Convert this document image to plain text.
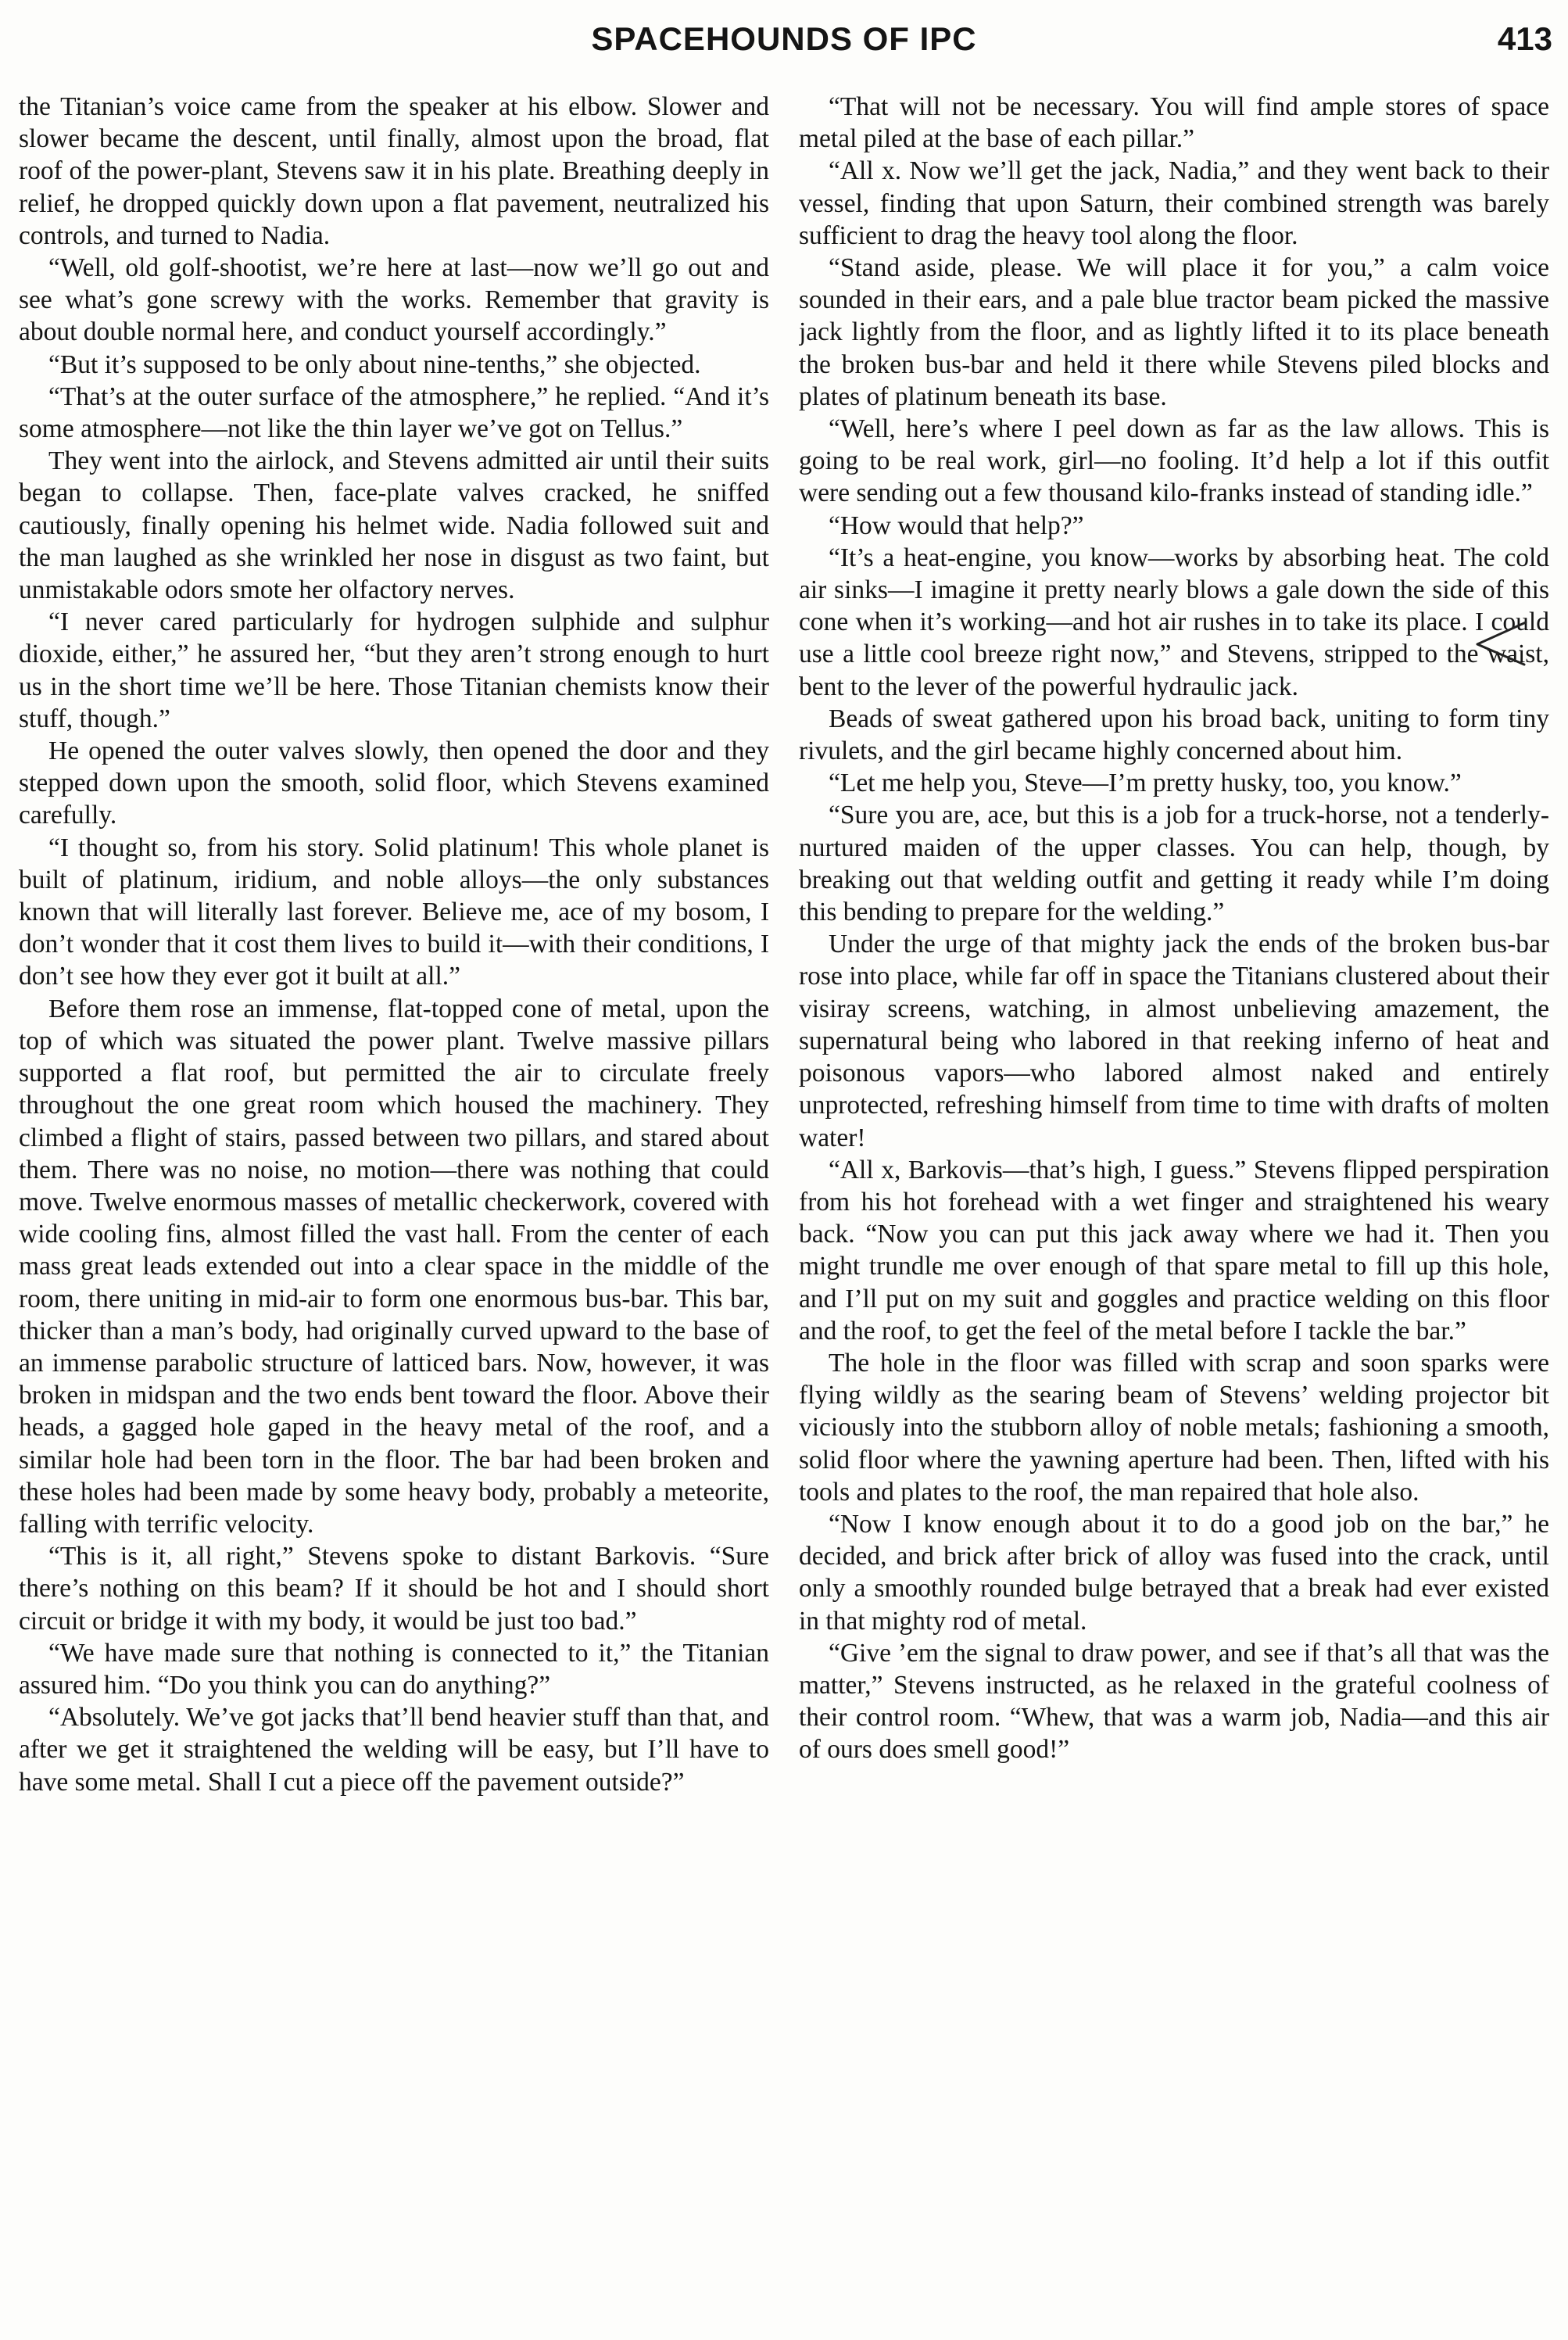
SPACEHOUNDS OF IPC	413

the Titanian’s voice came from the speaker at his elbow. Slower and slower became the descent, until finally, almost upon the broad, flat roof of the power-plant, Stevens saw it in his plate. Breathing deeply in relief, he dropped quickly down upon a flat pavement, neutralized his controls, and turned to Nadia.

“Well, old golf-shootist, we’re here at last—now we’ll go out and see what’s gone screwy with the works. Remember that gravity is about double normal here, and conduct yourself accordingly.”

“But it’s supposed to be only about nine-tenths,” she objected.

“That’s at the outer surface of the atmosphere,” he replied. “And it’s some atmosphere—not like the thin layer we’ve got on Tellus.”

They went into the airlock, and Stevens admitted air until their suits began to collapse. Then, face-plate valves cracked, he sniffed cautiously, finally opening his helmet wide. Nadia followed suit and the man laughed as she wrinkled her nose in disgust as two faint, but unmistakable odors smote her olfactory nerves.

“I never cared particularly for hydrogen sulphide and sulphur dioxide, either,” he assured her, “but they aren’t strong enough to hurt us in the short time we’ll be here. Those Titanian chemists know their stuff, though.”

He opened the outer valves slowly, then opened the door and they stepped down upon the smooth, solid floor, which Stevens examined carefully.

“I thought so, from his story. Solid platinum! This whole planet is built of platinum, iridium, and noble alloys—the only substances known that will literally last forever. Believe me, ace of my bosom, I don’t wonder that it cost them lives to build it—with their conditions, I don’t see how they ever got it built at all.”

Before them rose an immense, flat-topped cone of metal, upon the top of which was situated the power plant. Twelve massive pillars supported a flat roof, but permitted the air to circulate freely throughout the one great room which housed the machinery. They climbed a flight of stairs, passed between two pillars, and stared about them. There was no noise, no motion—there was nothing that could move. Twelve enormous masses of metallic checkerwork, covered with wide cooling fins, almost filled the vast hall. From the center of each mass great leads extended out into a clear space in the middle of the room, there uniting in mid-air to form one enormous bus-bar. This bar, thicker than a man’s body, had originally curved upward to the base of an immense parabolic structure of latticed bars. Now, however, it was broken in midspan and the two ends bent toward the floor. Above their heads, a gagged hole gaped in the heavy metal of the roof, and a similar hole had been torn in the floor. The bar had been broken and these holes had been made by some heavy body, probably a meteorite, falling with terrific velocity.

“This is it, all right,” Stevens spoke to distant Barkovis. “Sure there’s nothing on this beam? If it should be hot and I should short circuit or bridge it with my body, it would be just too bad.”

“We have made sure that nothing is connected to it,” the Titanian assured him. “Do you think you can do anything?”

“Absolutely. We’ve got jacks that’ll bend heavier stuff than that, and after we get it straightened the welding will be easy, but I’ll have to have some metal. Shall I cut a piece off the pavement outside?”

“That will not be necessary. You will find ample stores of space metal piled at the base of each pillar.”

“All x. Now we’ll get the jack, Nadia,” and they went back to their vessel, finding that upon Saturn, their combined strength was barely sufficient to drag the heavy tool along the floor.

“Stand aside, please. We will place it for you,” a calm voice sounded in their ears, and a pale blue tractor beam picked the massive jack lightly from the floor, and as lightly lifted it to its place beneath the broken bus-bar and held it there while Stevens piled blocks and plates of platinum beneath its base.

“Well, here’s where I peel down as far as the law allows. This is going to be real work, girl—no fooling. It’d help a lot if this outfit were sending out a few thousand kilo-franks instead of standing idle.”

“How would that help?”

“It’s a heat-engine, you know—works by absorbing heat. The cold air sinks—I imagine it pretty nearly blows a gale down the side of this cone when it’s working—and hot air rushes in to take its place. I could use a little cool breeze right now,” and Stevens, stripped to the waist, bent to the lever of the powerful hydraulic jack.

Beads of sweat gathered upon his broad back, uniting to form tiny rivulets, and the girl became highly concerned about him.

“Let me help you, Steve—I’m pretty husky, too, you know.”

“Sure you are, ace, but this is a job for a truck-horse, not a tenderly-nurtured maiden of the upper classes. You can help, though, by breaking out that welding outfit and getting it ready while I’m doing this bending to prepare for the welding.”

Under the urge of that mighty jack the ends of the broken bus-bar rose into place, while far off in space the Titanians clustered about their visiray screens, watching, in almost unbelieving amazement, the supernatural being who labored in that reeking inferno of heat and poisonous vapors—who labored almost naked and entirely unprotected, refreshing himself from time to time with drafts of molten water!

“All x, Barkovis—that’s high, I guess.” Stevens flipped perspiration from his hot forehead with a wet finger and straightened his weary back. “Now you can put this jack away where we had it. Then you might trundle me over enough of that spare metal to fill up this hole, and I’ll put on my suit and goggles and practice welding on this floor and the roof, to get the feel of the metal before I tackle the bar.”

The hole in the floor was filled with scrap and soon sparks were flying wildly as the searing beam of Stevens’ welding projector bit viciously into the stubborn alloy of noble metals; fashioning a smooth, solid floor where the yawning aperture had been. Then, lifted with his tools and plates to the roof, the man repaired that hole also.

“Now I know enough about it to do a good job on the bar,” he decided, and brick after brick of alloy was fused into the crack, until only a smoothly rounded bulge betrayed that a break had ever existed in that mighty rod of metal.

“Give ’em the signal to draw power, and see if that’s all that was the matter,” Stevens instructed, as he relaxed in the grateful coolness of their control room. “Whew, that was a warm job, Nadia—and this air of ours does smell good!”
